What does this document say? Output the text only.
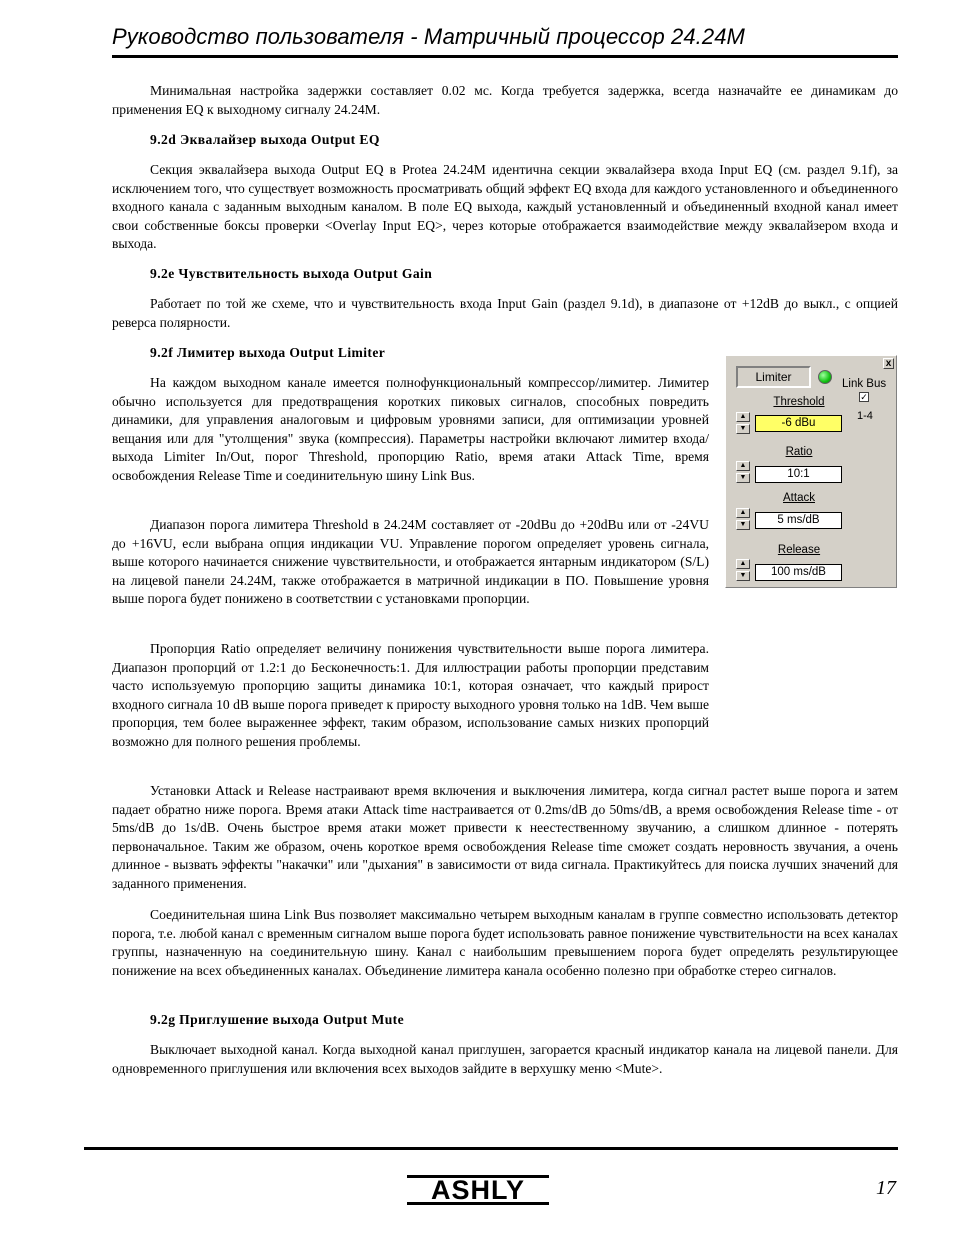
Руководство пользователя - Матричный процессор 24.24M

Минимальная настройка задержки составляет 0.02 мс. Когда требуется задержка, всегда назначайте ее динамикам до применения EQ к выходному сигналу 24.24M.

9.2d Эквалайзер выхода Output EQ

Секция эквалайзера выхода Output EQ в Protea 24.24M идентична секции эквалайзера входа Input EQ (см. раздел 9.1f), за исключением того, что существует возможность просматривать общий эффект EQ входа для каждого установленного и объединенного входного канала с заданным выходным каналом. В поле EQ выхода, каждый установленный и объединенный входной канал имеет свои собственные боксы проверки <Overlay Input EQ>, через которые отображается взаимодействие между эквалайзером входа и выхода.

9.2e Чувствительность выхода Output Gain

Работает по той же схеме, что и чувствительность входа Input Gain (раздел 9.1d), в диапазоне от +12dB до выкл., с опцией реверса полярности.

9.2f Лимитер выхода Output Limiter

На каждом выходном канале имеется полнофункциональный компрессор/лимитер. Лимитер обычно используется для предотвращения коротких пиковых сигналов, способных повредить динамики, для управления аналоговым и цифровым уровнями записи, для оптимизации уровней вещания или для "утолщения" звука (компрессия). Параметры настройки включают лимитер входа/выхода Limiter In/Out, порог Threshold, пропорцию Ratio, время атаки Attack Time, время освобождения Release Time и соединительную шину Link Bus.

Диапазон порога лимитера Threshold в 24.24M составляет от -20dBu до +20dBu или от -24VU до +16VU, если выбрана опция индикации VU. Управление порогом определяет уровень сигнала, выше которого начинается снижение чувствительности, и отображается янтарным индикатором (S/L) на лицевой панели 24.24M, также отображается в матричной индикации в ПО. Повышение уровня выше порога будет понижено в соответствии с установками пропорции.

Пропорция Ratio определяет величину понижения чувствительности выше порога лимитера. Диапазон пропорций от 1.2:1 до Бесконечность:1. Для иллюстрации работы пропорции представим часто используемую пропорцию защиты динамика 10:1, которая означает, что каждый прирост входного сигнала 10 dB выше порога приведет к приросту выходного уровня только на 1dB. Чем выше пропорция, тем более выраженнее эффект, таким образом, использование самых низких пропорций возможно для полного решения проблемы.

Установки Attack и Release настраивают время включения и выключения лимитера, когда сигнал растет выше порога и затем падает обратно ниже порога. Время атаки Attack time настраивается от 0.2ms/dB до 50ms/dB, а время освобождения Release time - от 5ms/dB до 1s/dB. Очень быстрое время атаки может привести к неестественному звучанию, а слишком длинное - потерять первоначальное. Таким же образом, очень короткое время освобождения Release time сможет создать неровность звучания, а очень длинное - вызвать эффекты "накачки" или "дыхания" в зависимости от вида сигнала. Практикуйтесь для поиска лучших значений для заданного применения.

Соединительная шина Link Bus позволяет максимально четырем выходным каналам в группе совместно использовать детектор порога, т.е. любой канал с временным сигналом выше порога будет использовать равное понижение чувствительности на всех каналах группы, назначенную на соединительную шину. Канал с наибольшим превышением порога будет определять результирующее понижение на всех объединенных каналах. Объединение лимитера канала особенно полезно при обработке стерео сигналов.

9.2g Приглушение выхода Output Mute

Выключает выходной канал. Когда выходной канал приглушен, загорается красный индикатор канала на лицевой панели. Для одновременного приглушения или включения всех выходов зайдите в верхушку меню <Mute>.

x
Limiter	Link Bus
✓
1-4
Threshold
▲
▼	-6 dBu
Ratio
▲
▼	10:1
Attack
▲
▼	5 ms/dB
Release
▲
▼	100 ms/dB
ASHLY	17
